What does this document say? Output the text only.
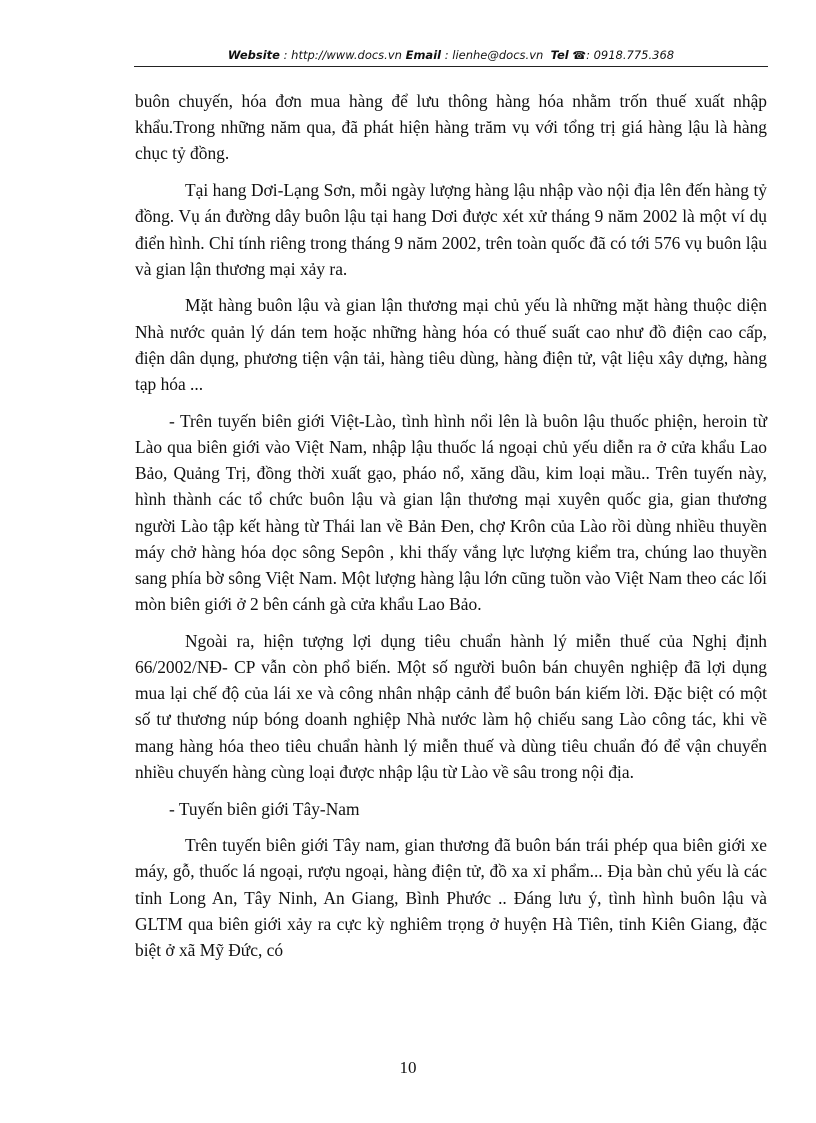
Website : http://www.docs.vn Email : lienhe@docs.vn Tel ☎: 0918.775.368

buôn chuyến, hóa đơn mua hàng để lưu thông hàng hóa nhằm trốn thuế xuất nhập khẩu.Trong những năm qua, đã phát hiện hàng trăm vụ với tổng trị giá hàng lậu là hàng chục tỷ đồng.

Tại hang Dơi-Lạng Sơn, mỗi ngày lượng hàng lậu nhập vào nội địa lên đến hàng tỷ đồng. Vụ án đường dây buôn lậu tại hang Dơi được xét xử tháng 9 năm 2002 là một ví dụ điển hình. Chỉ tính riêng trong tháng 9 năm 2002, trên toàn quốc đã có tới 576 vụ buôn lậu và gian lận thương mại xảy ra.

Mặt hàng buôn lậu và gian lận thương mại chủ yếu là những mặt hàng thuộc diện Nhà nước quản lý dán tem hoặc những hàng hóa có thuế suất cao như đồ điện cao cấp, điện dân dụng, phương tiện vận tải, hàng tiêu dùng, hàng điện tử, vật liệu xây dựng, hàng tạp hóa ...

- Trên tuyến biên giới Việt-Lào, tình hình nổi lên là buôn lậu thuốc phiện, heroin từ Lào qua biên giới vào Việt Nam, nhập lậu thuốc lá ngoại chủ yếu diễn ra ở cửa khẩu Lao Bảo, Quảng Trị, đồng thời xuất gạo, pháo nổ, xăng dầu, kim loại mầu.. Trên tuyến này, hình thành các tổ chức buôn lậu và gian lận thương mại xuyên quốc gia, gian thương người Lào tập kết hàng từ Thái lan về Bản Đen, chợ Krôn của Lào rồi dùng nhiều thuyền máy chở hàng hóa dọc sông Sepôn , khi thấy vắng lực lượng kiểm tra, chúng lao thuyền sang phía bờ sông Việt Nam. Một lượng hàng lậu lớn cũng tuồn vào Việt Nam theo các lối mòn biên giới ở 2 bên cánh gà cửa khẩu Lao Bảo.

Ngoài ra, hiện tượng lợi dụng tiêu chuẩn hành lý miễn thuế của Nghị định 66/2002/NĐ- CP vẫn còn phổ biến. Một số người buôn bán chuyên nghiệp đã lợi dụng mua lại chế độ của lái xe và công nhân nhập cảnh để buôn bán kiếm lời. Đặc biệt có một số tư thương núp bóng doanh nghiệp Nhà nước làm hộ chiếu sang Lào công tác, khi về mang hàng hóa theo tiêu chuẩn hành lý miễn thuế và dùng tiêu chuẩn đó để vận chuyển nhiều chuyến hàng cùng loại được nhập lậu từ Lào về sâu trong nội địa.

- Tuyến biên giới Tây-Nam

Trên tuyến biên giới Tây nam, gian thương đã buôn bán trái phép qua biên giới xe máy, gỗ, thuốc lá ngoại, rượu ngoại, hàng điện tử, đồ xa xỉ phẩm... Địa bàn chủ yếu là các tỉnh Long An, Tây Ninh, An Giang, Bình Phước .. Đáng lưu ý, tình hình buôn lậu và GLTM qua biên giới xảy ra cực kỳ nghiêm trọng ở huyện Hà Tiên, tỉnh Kiên Giang, đặc biệt ở xã Mỹ Đức, có

10
